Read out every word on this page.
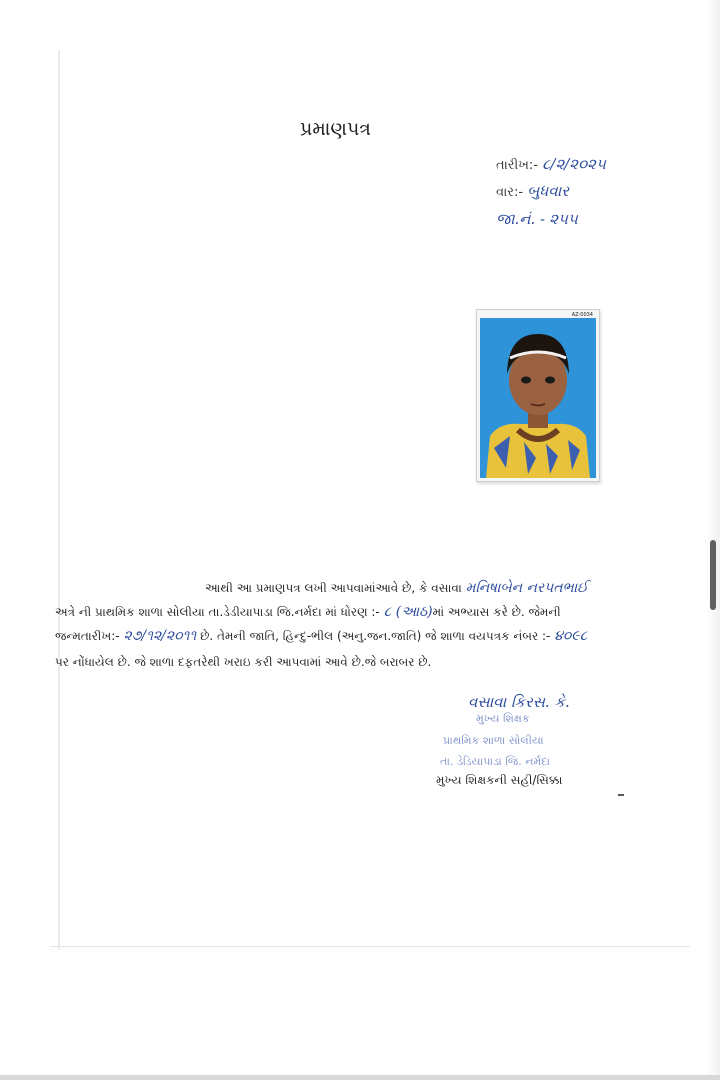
પ્રમાણપત્ર
તારીખ:- ૮/૨/૨૦૨૫
વાર:- બુધવાર
જા.નં. - ૨૫૫
AZ-0034
આથી આ પ્રમાણપત્ર લખી આપવામાંઆવે છે, કે વસાવા મનિષાબેન નરપતભાઈ
અત્રે ની પ્રાથમિક શાળા સોલીયા તા.ડેડીયાપાડા જિ.નર્મદા માં ધોરણ :- ૮ (આઠ)માં અભ્યાસ કરે છે. જેમની
જન્મતારીખ:- ૨૭/૧૨/૨૦૧૧ છે. તેમની જાતિ, હિન્દુ-ભીલ (અનુ.જન.જાતિ) જે શાળા વયપત્રક નંબર :- ૪૦૯૮
પર નોંધાયેલ છે. જે શાળા દફતરેથી ખરાઇ કરી આપવામાં આવે છે.જે બરાબર છે.
વસાવા કિરસ. કે.
મુખ્ય શિક્ષક
પ્રાથમિક શાળા સોલીયા
તા. ડેડિયાપાડા જિ. નર્મદા
મુખ્ય શિક્ષકની સહી/સિક્કા
